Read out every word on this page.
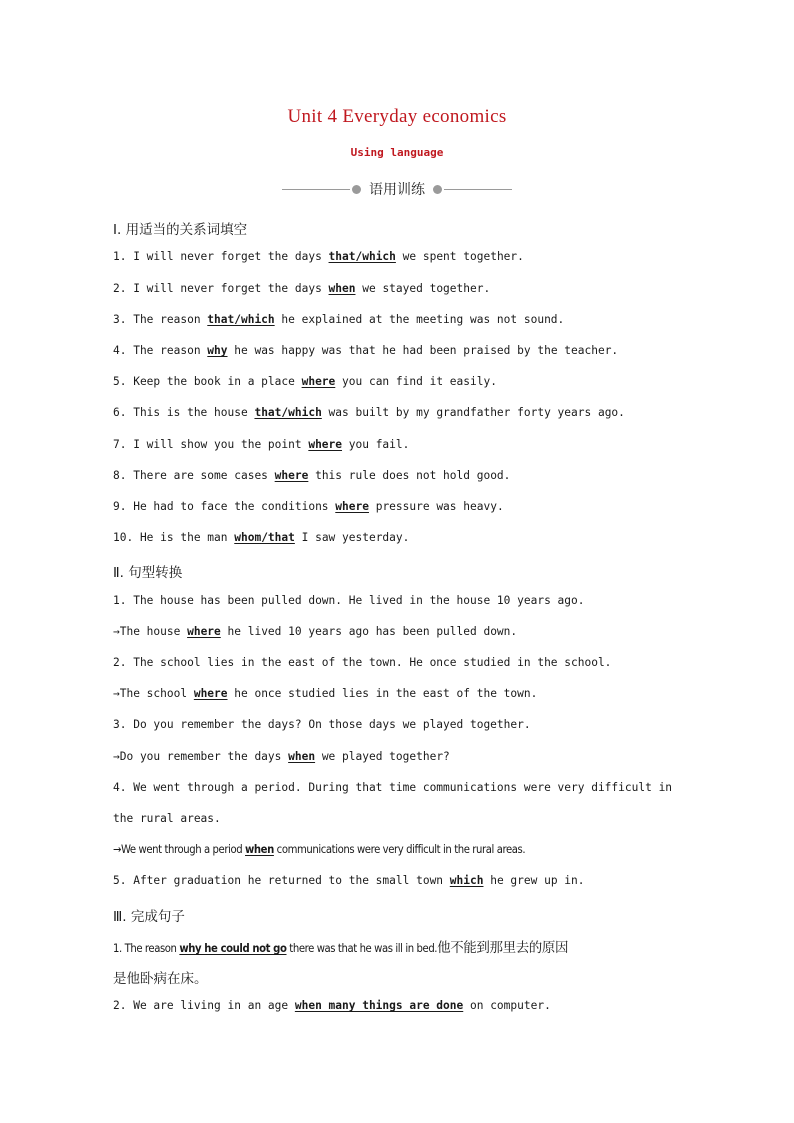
Unit 4 Everyday economics
Using language
语用训练
Ⅰ. 用适当的关系词填空
1. I will never forget the days that/which we spent together.
2. I will never forget the days when we stayed together.
3. The reason that/which he explained at the meeting was not sound.
4. The reason why he was happy was that he had been praised by the teacher.
5. Keep the book in a place where you can find it easily.
6. This is the house that/which was built by my grandfather forty years ago.
7. I will show you the point where you fail.
8. There are some cases where this rule does not hold good.
9. He had to face the conditions where pressure was heavy.
10. He is the man whom/that I saw yesterday.
Ⅱ. 句型转换
1. The house has been pulled down. He lived in the house 10 years ago.
→The house where he lived 10 years ago has been pulled down.
2. The school lies in the east of the town. He once studied in the school.
→The school where he once studied lies in the east of the town.
3. Do you remember the days? On those days we played together.
→Do you remember the days when we played together?
4. We went through a period. During that time communications were very difficult in
the rural areas.
→We went through a period when communications were very difficult in the rural areas.
5. After graduation he returned to the small town which he grew up in.
Ⅲ. 完成句子
1. The reason why he could not go there was that he was ill in bed.他不能到那里去的原因
是他卧病在床。
2. We are living in an age when many things are done on computer.
